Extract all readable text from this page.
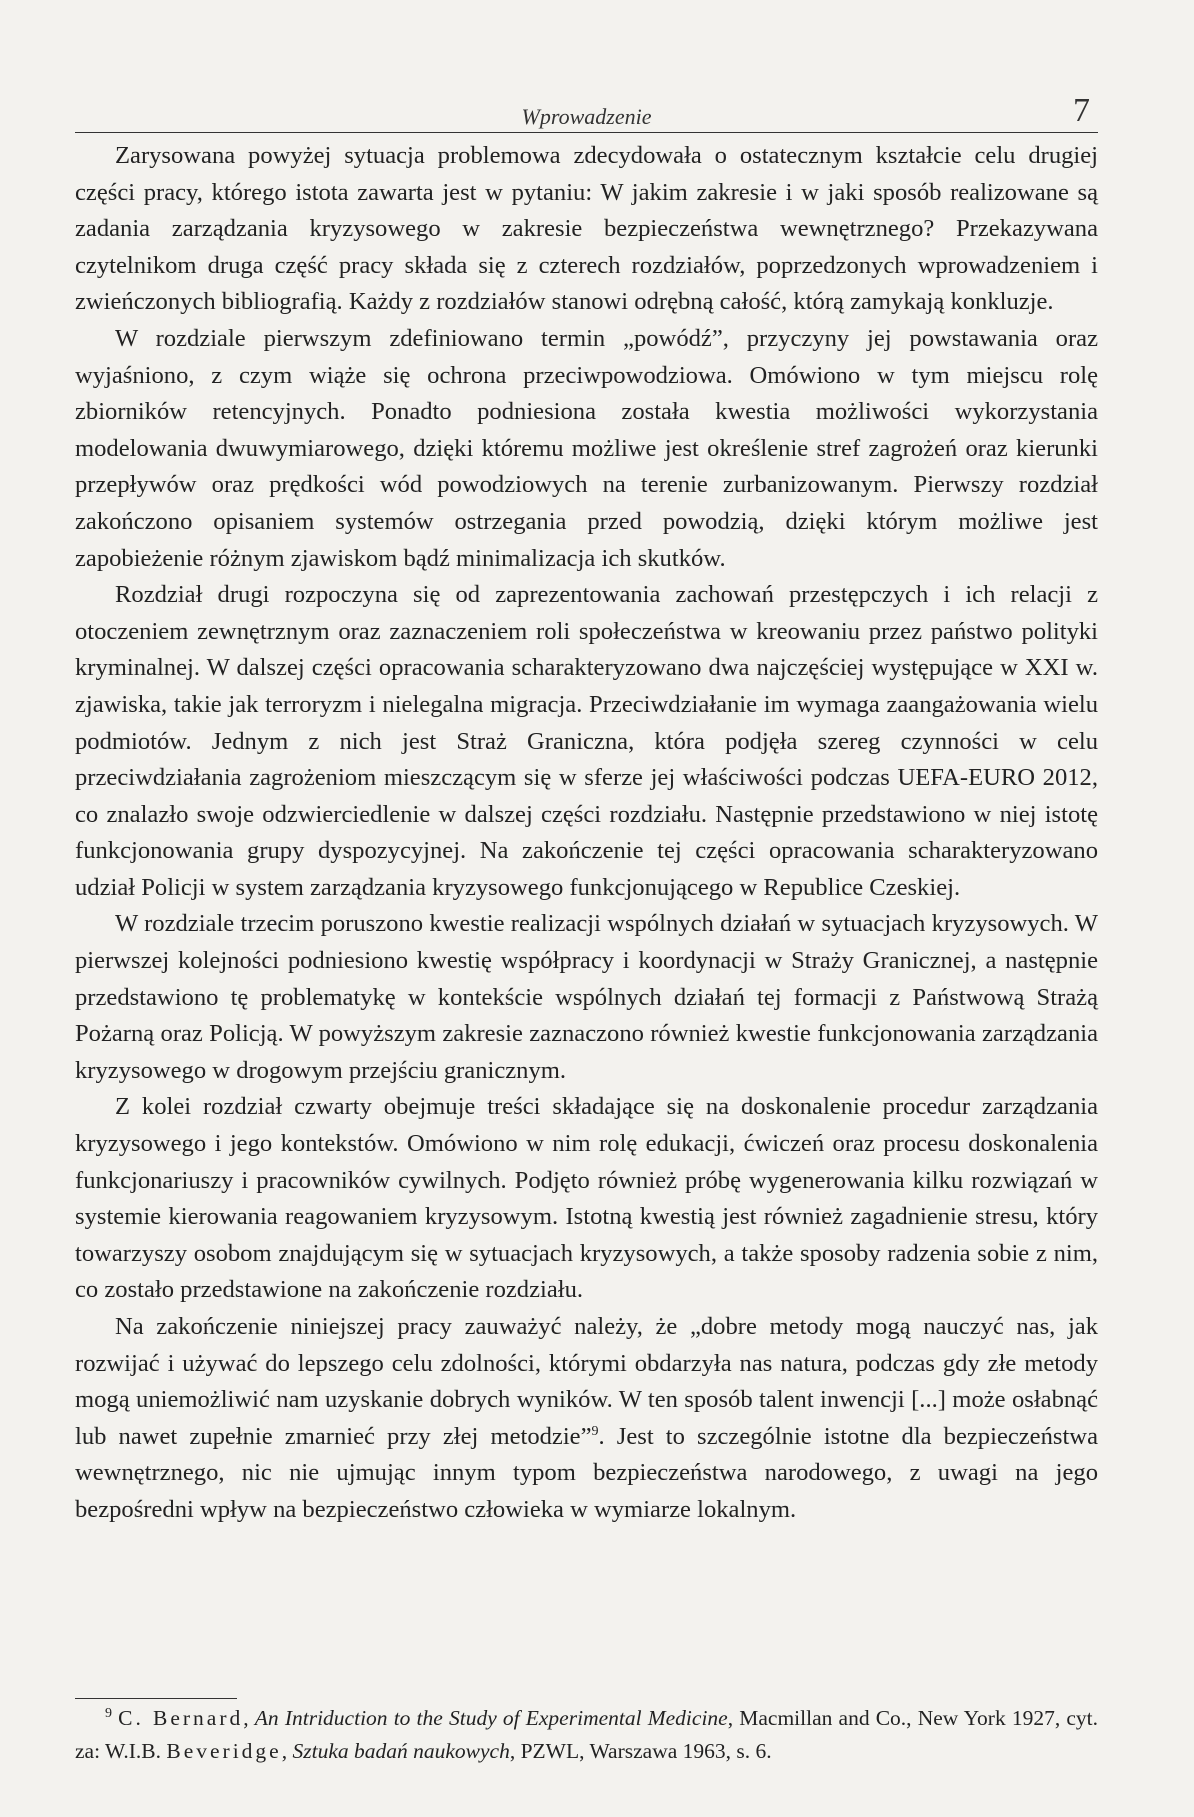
Wprowadzenie	7

Zarysowana powyżej sytuacja problemowa zdecydowała o ostatecznym kształcie celu drugiej części pracy, którego istota zawarta jest w pytaniu: W jakim zakresie i w jaki sposób realizowane są zadania zarządzania kryzysowego w zakresie bezpieczeństwa wewnętrznego? Przekazywana czytelnikom druga część pracy składa się z czterech rozdziałów, poprzedzonych wprowadzeniem i zwieńczonych bibliografią. Każdy z rozdziałów stanowi odrębną całość, którą zamykają konkluzje.

W rozdziale pierwszym zdefiniowano termin „powódź”, przyczyny jej powstawania oraz wyjaśniono, z czym wiąże się ochrona przeciwpowodziowa. Omówiono w tym miejscu rolę zbiorników retencyjnych. Ponadto podniesiona została kwestia możliwości wykorzystania modelowania dwuwymiarowego, dzięki któremu możliwe jest określenie stref zagrożeń oraz kierunki przepływów oraz prędkości wód powodziowych na terenie zurbanizowanym. Pierwszy rozdział zakończono opisaniem systemów ostrzegania przed powodzią, dzięki którym możliwe jest zapobieżenie różnym zjawiskom bądź minimalizacja ich skutków.

Rozdział drugi rozpoczyna się od zaprezentowania zachowań przestępczych i ich relacji z otoczeniem zewnętrznym oraz zaznaczeniem roli społeczeństwa w kreowaniu przez państwo polityki kryminalnej. W dalszej części opracowania scharakteryzowano dwa najczęściej występujące w XXI w. zjawiska, takie jak terroryzm i nielegalna migracja. Przeciwdziałanie im wymaga zaangażowania wielu podmiotów. Jednym z nich jest Straż Graniczna, która podjęła szereg czynności w celu przeciwdziałania zagrożeniom mieszczącym się w sferze jej właściwości podczas UEFA-EURO 2012, co znalazło swoje odzwierciedlenie w dalszej części rozdziału. Następnie przedstawiono w niej istotę funkcjonowania grupy dyspozycyjnej. Na zakończenie tej części opracowania scharakteryzowano udział Policji w system zarządzania kryzysowego funkcjonującego w Republice Czeskiej.

W rozdziale trzecim poruszono kwestie realizacji wspólnych działań w sytuacjach kryzysowych. W pierwszej kolejności podniesiono kwestię współpracy i koordynacji w Straży Granicznej, a następnie przedstawiono tę problematykę w kontekście wspólnych działań tej formacji z Państwową Strażą Pożarną oraz Policją. W powyższym zakresie zaznaczono również kwestie funkcjonowania zarządzania kryzysowego w drogowym przejściu granicznym.

Z kolei rozdział czwarty obejmuje treści składające się na doskonalenie procedur zarządzania kryzysowego i jego kontekstów. Omówiono w nim rolę edukacji, ćwiczeń oraz procesu doskonalenia funkcjonariuszy i pracowników cywilnych. Podjęto również próbę wygenerowania kilku rozwiązań w systemie kierowania reagowaniem kryzysowym. Istotną kwestią jest również zagadnienie stresu, który towarzyszy osobom znajdującym się w sytuacjach kryzysowych, a także sposoby radzenia sobie z nim, co zostało przedstawione na zakończenie rozdziału.

Na zakończenie niniejszej pracy zauważyć należy, że „dobre metody mogą nauczyć nas, jak rozwijać i używać do lepszego celu zdolności, którymi obdarzyła nas natura, podczas gdy złe metody mogą uniemożliwić nam uzyskanie dobrych wyników. W ten sposób talent inwencji [...] może osłabnąć lub nawet zupełnie zmarnieć przy złej metodzie”$^9$. Jest to szczególnie istotne dla bezpieczeństwa wewnętrznego, nic nie ujmując innym typom bezpieczeństwa narodowego, z uwagi na jego bezpośredni wpływ na bezpieczeństwo człowieka w wymiarze lokalnym.

$^9$ C. Bernard, An Intriduction to the Study of Experimental Medicine, Macmillan and Co., New York 1927, cyt. za: W.I.B. Beveridge, Sztuka badań naukowych, PZWL, Warszawa 1963, s. 6.
